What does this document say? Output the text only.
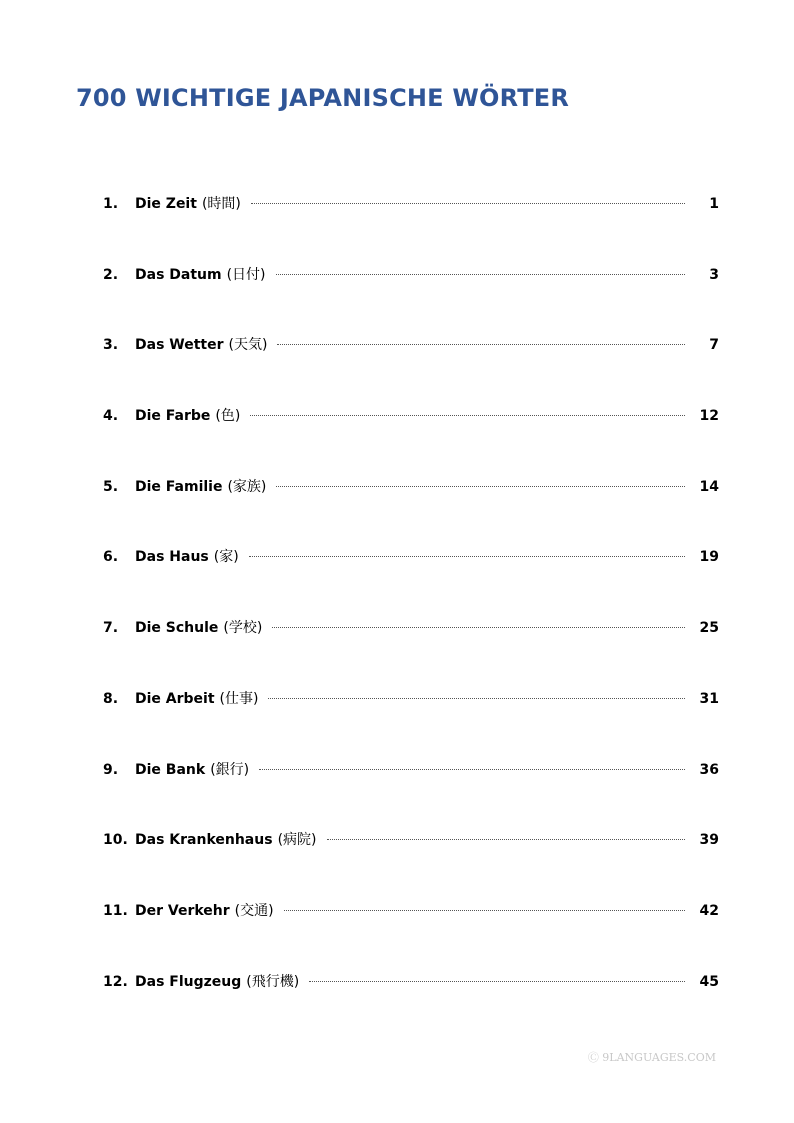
700 WICHTIGE JAPANISCHE WÖRTER
1.	Die Zeit (時間)	1
2.	Das Datum (日付)	3
3.	Das Wetter (天気)	7
4.	Die Farbe (色)	12
5.	Die Familie (家族)	14
6.	Das Haus (家)	19
7.	Die Schule (学校)	25
8.	Die Arbeit (仕事)	31
9.	Die Bank (銀行)	36
10. Das Krankenhaus (病院)	39
11. Der Verkehr (交通)	42
12. Das Flugzeug (飛行機)	45
Ⓒ 9LANGUAGES.COM
